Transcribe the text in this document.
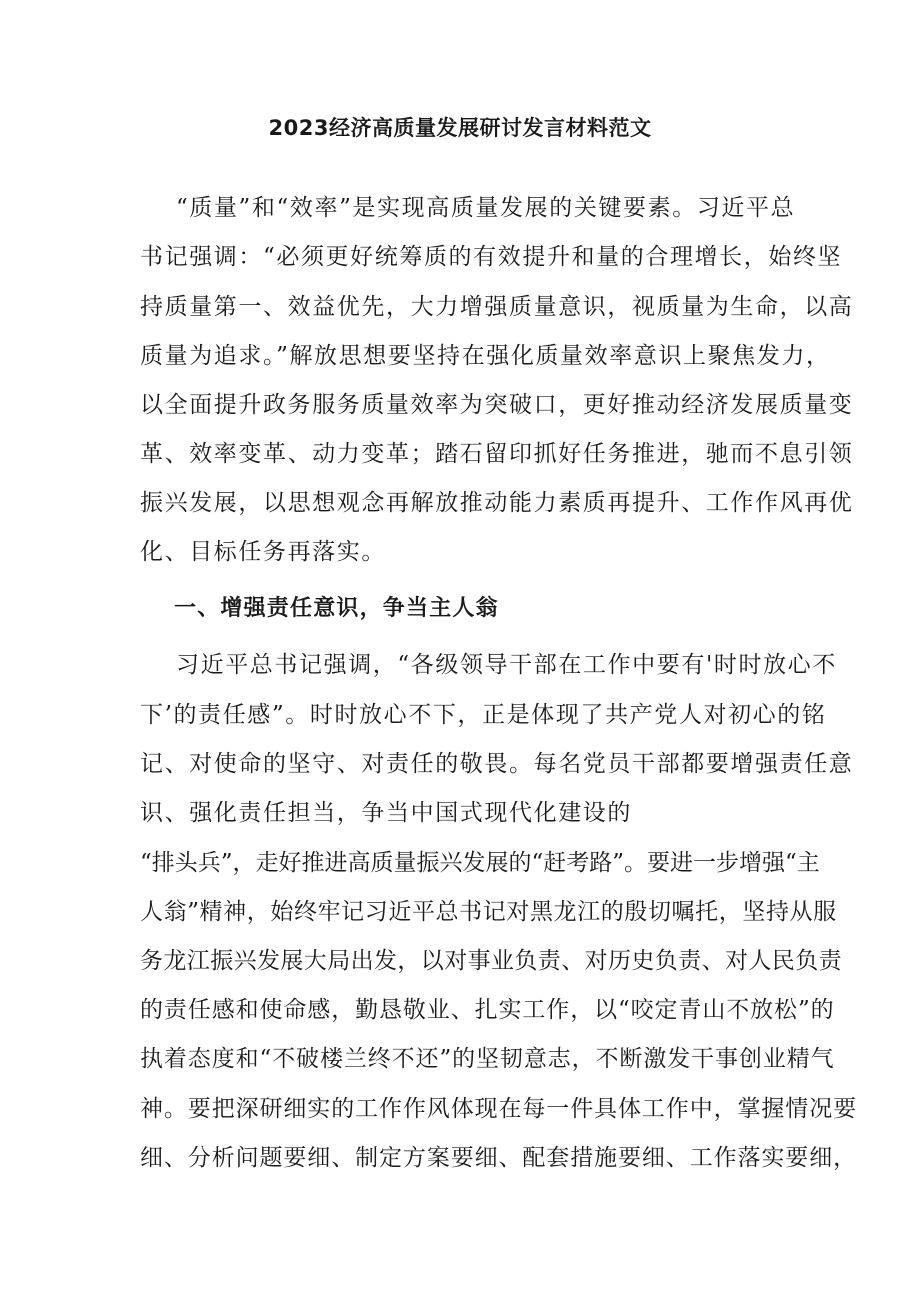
2023经济高质量发展研讨发言材料范文
“质量”和“效率”是实现高质量发展的关键要素。习近平总
书记强调：“必须更好统筹质的有效提升和量的合理增长，始终坚
持质量第一、效益优先，大力增强质量意识，视质量为生命，以高
质量为追求。”解放思想要坚持在强化质量效率意识上聚焦发力，
以全面提升政务服务质量效率为突破口，更好推动经济发展质量变
革、效率变革、动力变革；踏石留印抓好任务推进，驰而不息引领
振兴发展，以思想观念再解放推动能力素质再提升、工作作风再优
化、目标任务再落实。
一、增强责任意识，争当主人翁
习近平总书记强调，“各级领导干部在工作中要有'时时放心不
下’的责任感”。时时放心不下，正是体现了共产党人对初心的铭
记、对使命的坚守、对责任的敬畏。每名党员干部都要增强责任意
识、强化责任担当，争当中国式现代化建设的
“排头兵”，走好推进高质量振兴发展的“赶考路”。要进一步增强“主
人翁”精神，始终牢记习近平总书记对黑龙江的殷切嘱托，坚持从服
务龙江振兴发展大局出发，以对事业负责、对历史负责、对人民负责
的责任感和使命感，勤恳敬业、扎实工作，以“咬定青山不放松”的
执着态度和“不破楼兰终不还”的坚韧意志，不断激发干事创业精气
神。要把深研细实的工作作风体现在每一件具体工作中，掌握情况要
细、分析问题要细、制定方案要细、配套措施要细、工作落实要细，
